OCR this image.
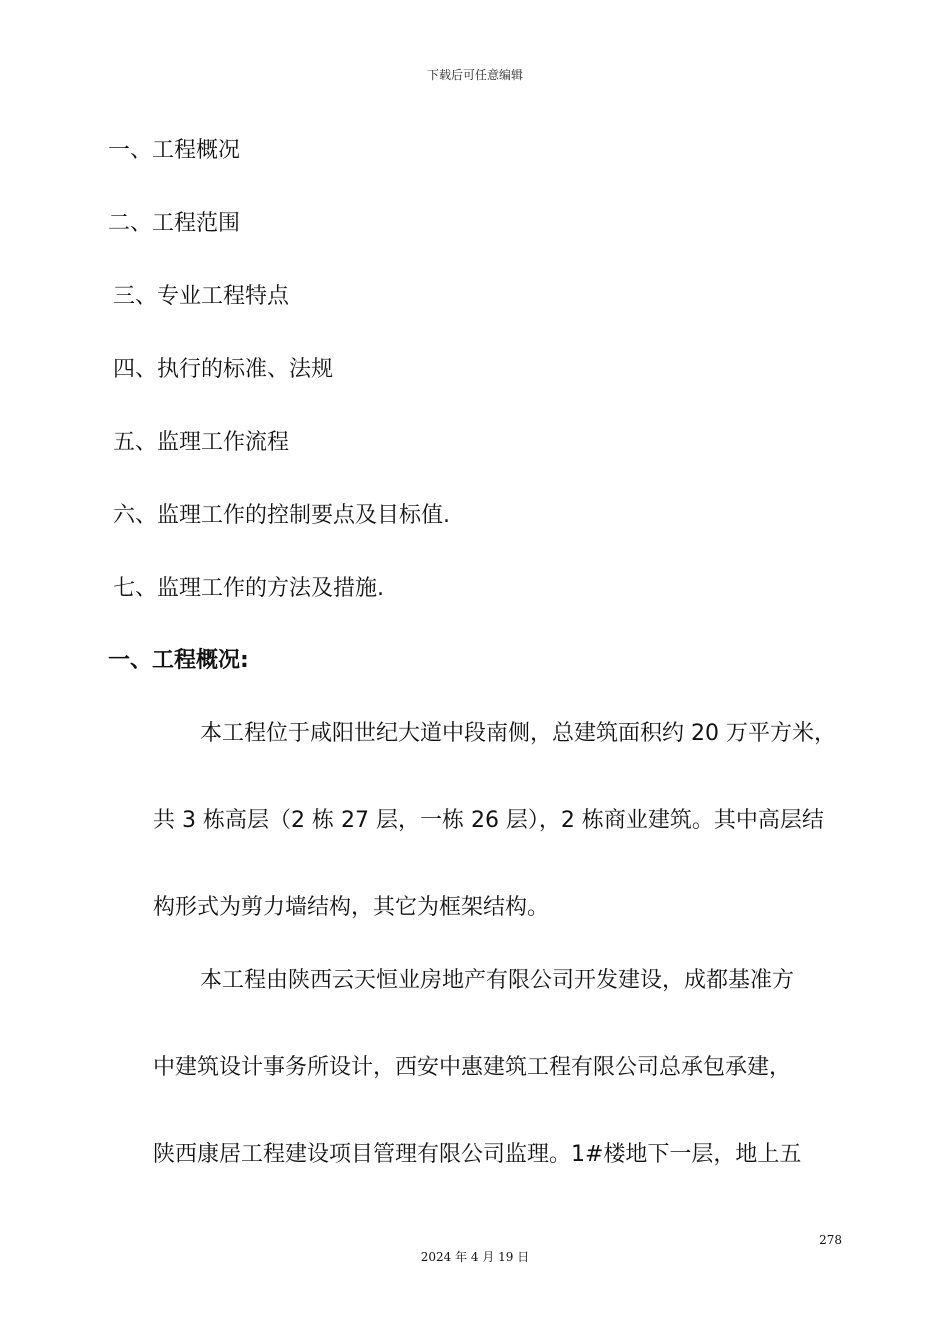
下载后可任意编辑
一、工程概况
二、工程范围
三、专业工程特点
四、执行的标准、法规
五、监理工作流程
六、监理工作的控制要点及目标值.
七、监理工作的方法及措施.
一、工程概况:
本工程位于咸阳世纪大道中段南侧，总建筑面积约 20 万平方米，
共 3 栋高层（2 栋 27 层，一栋 26 层），2 栋商业建筑。其中高层结
构形式为剪力墙结构，其它为框架结构。
本工程由陕西云天恒业房地产有限公司开发建设，成都基准方
中建筑设计事务所设计，西安中惠建筑工程有限公司总承包承建，
陕西康居工程建设项目管理有限公司监理。1#楼地下一层，地上五
278
2024 年 4 月 19 日
